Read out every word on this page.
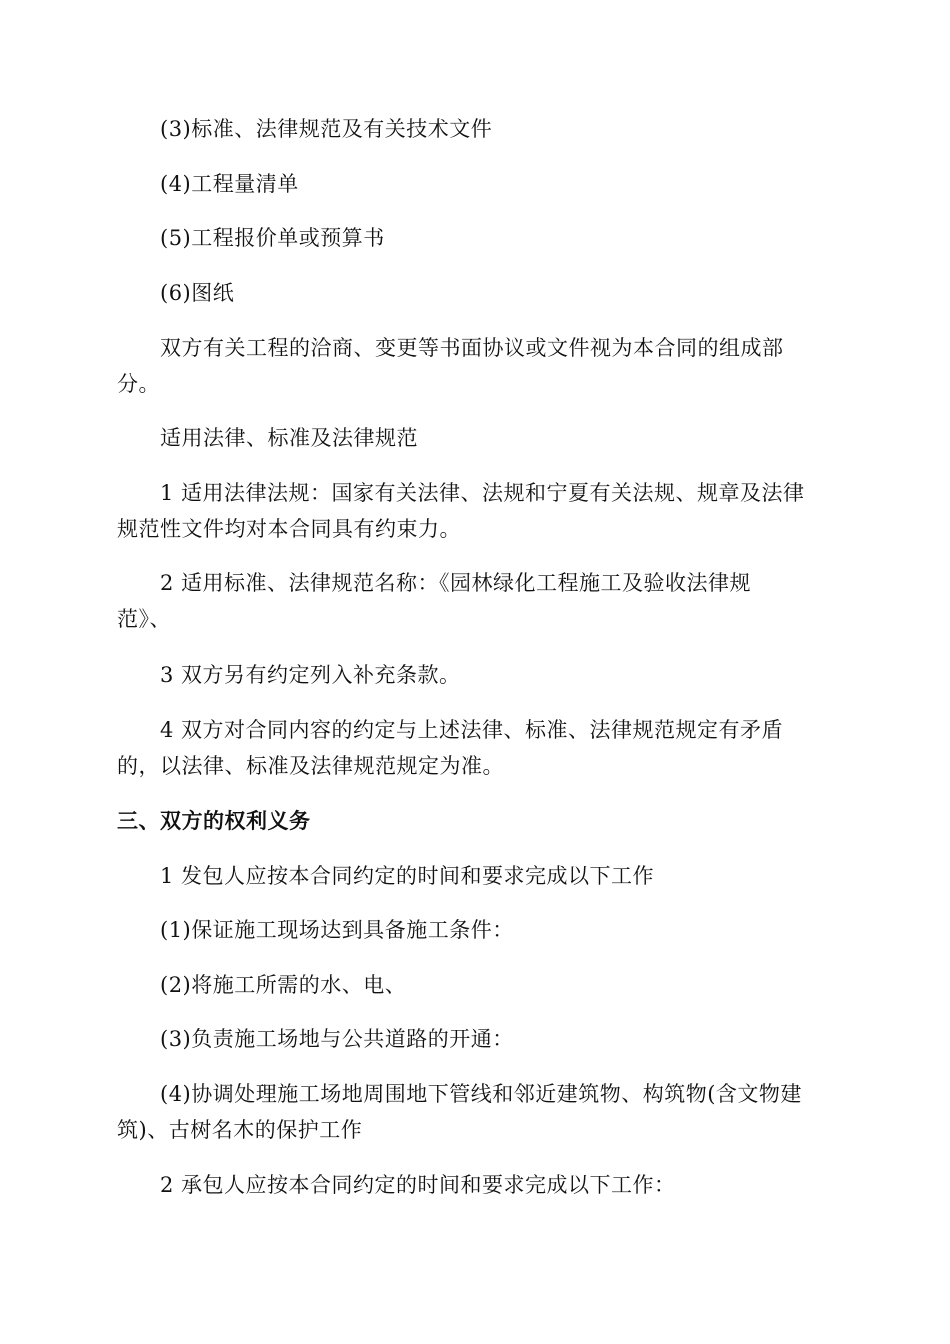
(3)标准、法律规范及有关技术文件
(4)工程量清单
(5)工程报价单或预算书
(6)图纸
双方有关工程的洽商、变更等书面协议或文件视为本合同的组成部
分。
适用法律、标准及法律规范
1 适用法律法规：国家有关法律、法规和宁夏有关法规、规章及法律
规范性文件均对本合同具有约束力。
2 适用标准、法律规范名称：《园林绿化工程施工及验收法律规
范》、
3 双方另有约定列入补充条款。
4 双方对合同内容的约定与上述法律、标准、法律规范规定有矛盾
的，以法律、标准及法律规范规定为准。
三、双方的权利义务
1 发包人应按本合同约定的时间和要求完成以下工作
(1)保证施工现场达到具备施工条件：
(2)将施工所需的水、电、
(3)负责施工场地与公共道路的开通：
(4)协调处理施工场地周围地下管线和邻近建筑物、构筑物(含文物建
筑)、古树名木的保护工作
2 承包人应按本合同约定的时间和要求完成以下工作：
